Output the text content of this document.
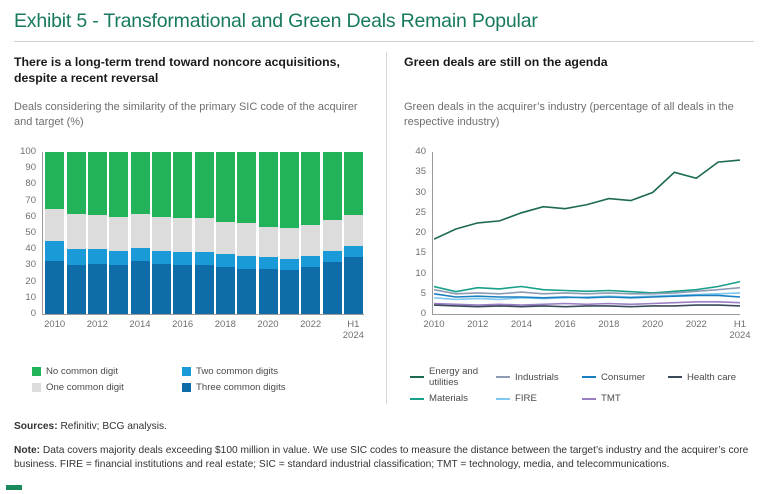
Exhibit 5 - Transformational and Green Deals Remain Popular
There is a long-term trend toward noncore acquisitions, despite a recent reversal
Deals considering the similarity of the primary SIC code of the acquirer and target (%)
0
10
20
30
40
50
60
70
80
90
100
2010	2012	2014	2016	2018	2020	2022	H1
2024
No common digit	Two common digits
One common digit	Three common digits
Green deals are still on the agenda
Green deals in the acquirer’s industry (percentage of all deals in the respective industry)
0
5
10
15
20
25
30
35
40
2010	2012	2014	2016	2018	2020	2022	H1
2024
Energy and utilities	Industrials	Consumer	Health care
Materials	FIRE	TMT
Sources: Refinitiv; BCG analysis.
Note: Data covers majority deals exceeding $100 million in value. We use SIC codes to measure the distance between the target’s industry and the acquirer’s core business. FIRE = financial institutions and real estate; SIC = standard industrial classification; TMT = technology, media, and telecommunications.
